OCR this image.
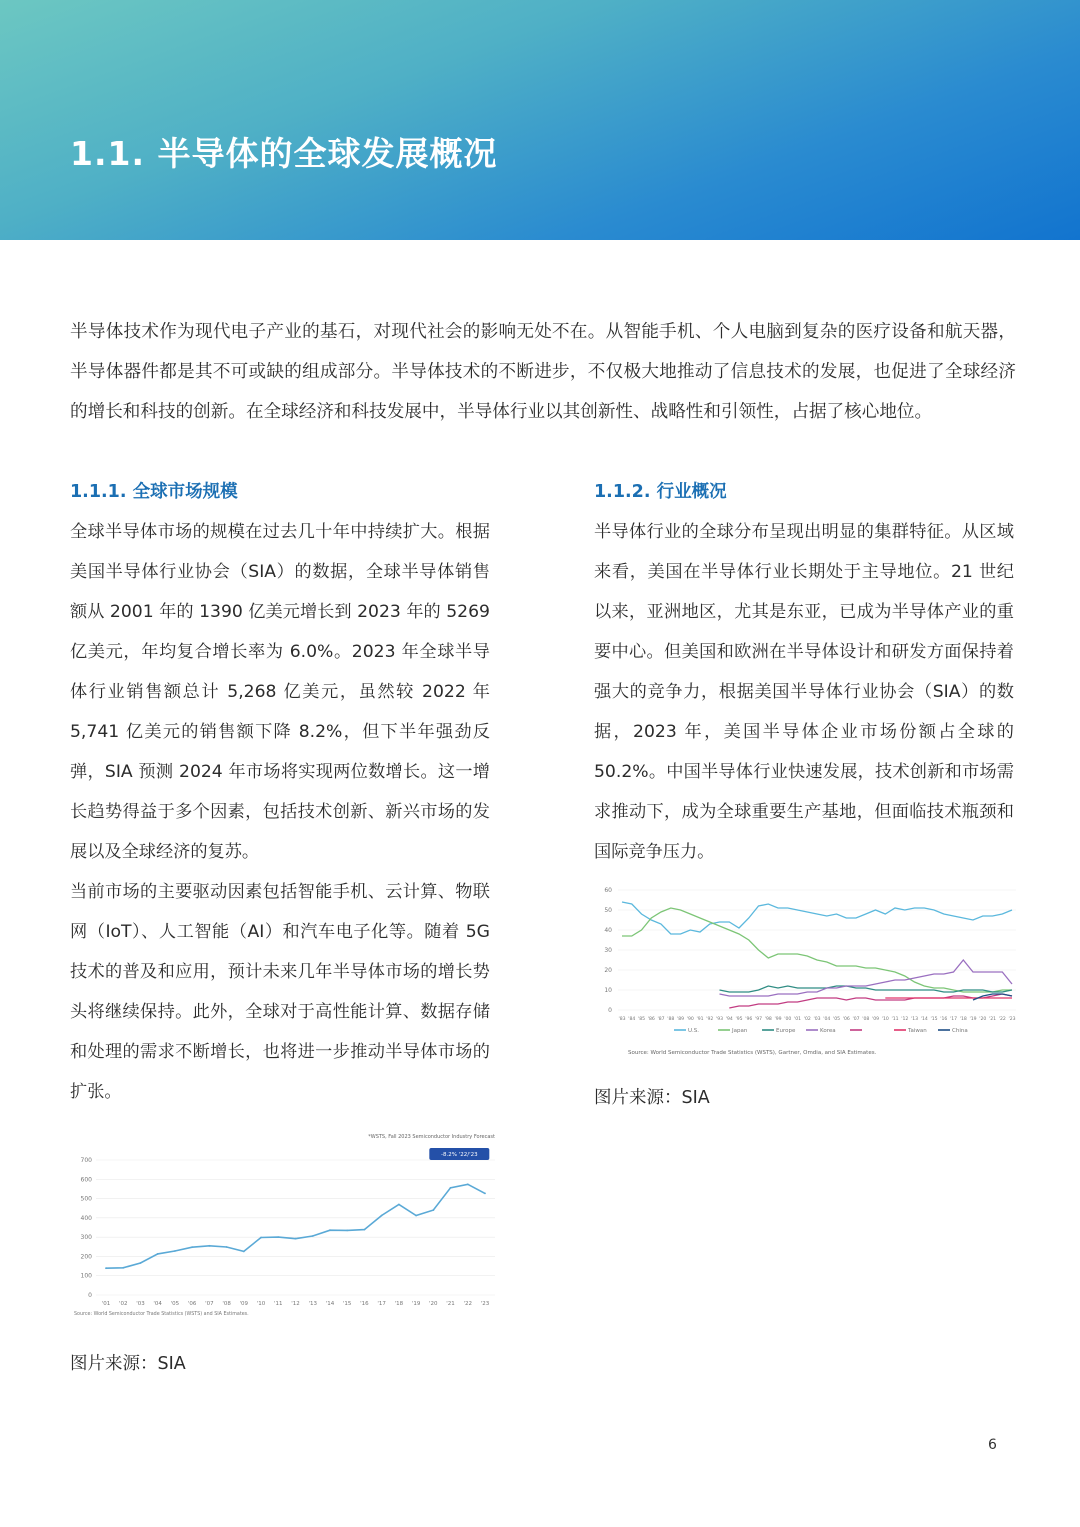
1.1. 半导体的全球发展概况

半导体技术作为现代电子产业的基石，对现代社会的影响无处不在。从智能手机、个人电脑到复杂的医疗设备和航天器，半导体器件都是其不可或缺的组成部分。半导体技术的不断进步，不仅极大地推动了信息技术的发展，也促进了全球经济的增长和科技的创新。在全球经济和科技发展中，半导体行业以其创新性、战略性和引领性，占据了核心地位。

1.1.1. 全球市场规模

全球半导体市场的规模在过去几十年中持续扩大。根据美国半导体行业协会（SIA）的数据，全球半导体销售额从 2001 年的 1390 亿美元增长到 2023 年的 5269 亿美元，年均复合增长率为 6.0%。2023 年全球半导体行业销售额总计 5,268 亿美元，虽然较 2022 年 5,741 亿美元的销售额下降 8.2%，但下半年强劲反弹，SIA 预测 2024 年市场将实现两位数增长。这一增长趋势得益于多个因素，包括技术创新、新兴市场的发展以及全球经济的复苏。

当前市场的主要驱动因素包括智能手机、云计算、物联网（IoT）、人工智能（AI）和汽车电子化等。随着 5G 技术的普及和应用，预计未来几年半导体市场的增长势头将继续保持。此外，全球对于高性能计算、数据存储和处理的需求不断增长，也将进一步推动半导体市场的扩张。

*WSTS, Fall 2023 Semiconductor Industry Forecast
0
100
200
300
400
500
600
700
'01 '02 '03 '04 '05 '06 '07 '08 '09 '10 '11 '12 '13 '14 '15 '16 '17 '18 '19 '20 '21 '22 '23
-8.2% '22/'23
Source: World Semiconductor Trade Statistics (WSTS) and SIA Estimates.

图片来源：SIA

1.1.2. 行业概况

半导体行业的全球分布呈现出明显的集群特征。从区域来看，美国在半导体行业长期处于主导地位。21 世纪以来，亚洲地区，尤其是东亚，已成为半导体产业的重要中心。但美国和欧洲在半导体设计和研发方面保持着强大的竞争力，根据美国半导体行业协会（SIA）的数据，2023 年，美国半导体企业市场份额占全球的 50.2%。中国半导体行业快速发展，技术创新和市场需求推动下，成为全球重要生产基地，但面临技术瓶颈和国际竞争压力。

0
10
20
30
40
50
60
'83 '84 '85 '86 '87 '88 '89 '90 '91 '92 '93 '94 '95 '96 '97 '98 '99 '00 '01 '02 '03 '04 '05 '06 '07 '08 '09 '10 '11 '12 '13 '14 '15 '16 '17 '18 '19 '20 '21 '22 '23
U.S.	Japan	Europe	Korea	Taiwan	China
Source: World Semiconductor Trade Statistics (WSTS), Gartner, Omdia, and SIA Estimates.

图片来源：SIA

6
